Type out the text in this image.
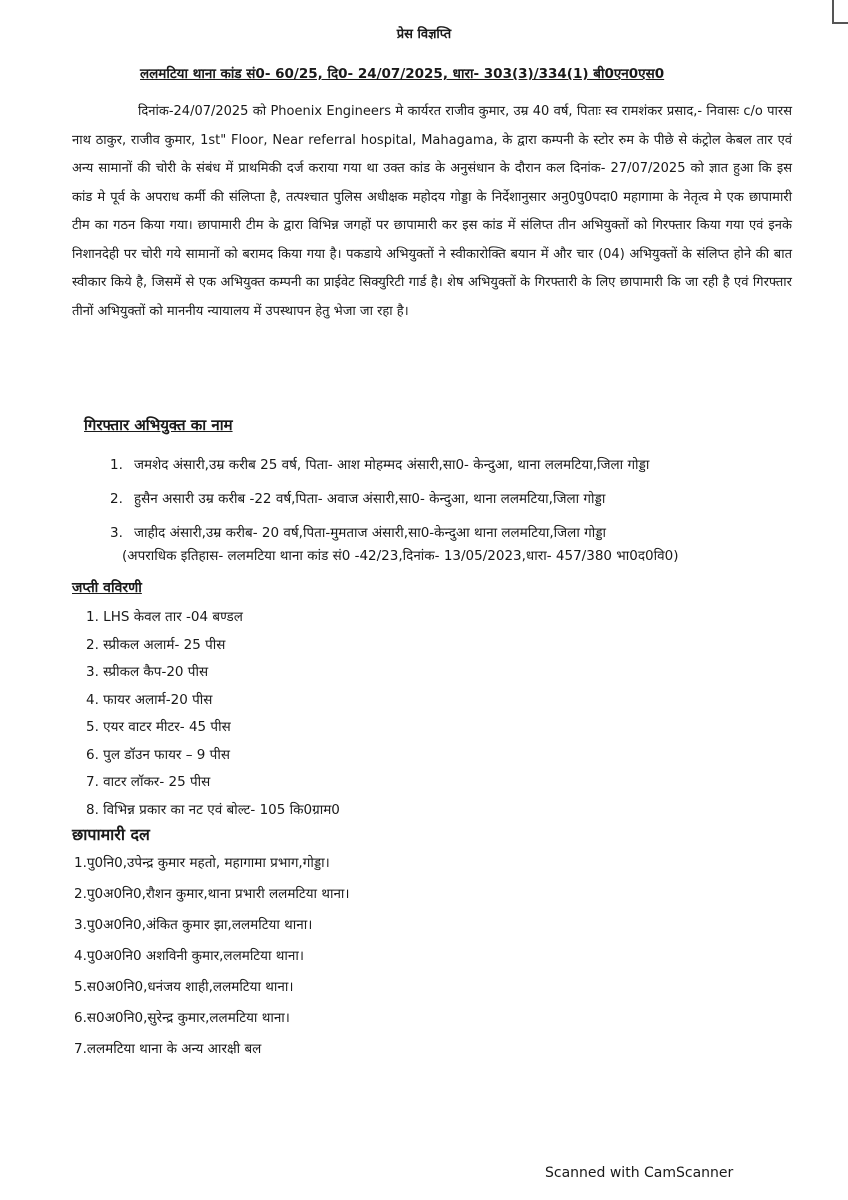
प्रेस विज्ञप्ति
ललमटिया थाना कांड सं0- 60/25, दि0- 24/07/2025, धारा- 303(3)/334(1) बी0एन0एस0
दिनांक-24/07/2025 को Phoenix Engineers मे कार्यरत राजीव कुमार, उम्र 40 वर्ष, पिताः स्व रामशंकर प्रसाद,- निवासः c/o पारस नाथ ठाकुर, राजीव कुमार, 1st" Floor, Near referral hospital, Mahagama, के द्वारा कम्पनी के स्टोर रुम के पीछे से कंट्रोल केबल तार एवं अन्य सामानों की चोरी के संबंध में प्राथमिकी दर्ज कराया गया था उक्त कांड के अनुसंधान के दौरान कल दिनांक- 27/07/2025 को ज्ञात हुआ कि इस कांड मे पूर्व के अपराध कर्मी की संलिप्ता है, तत्पश्चात पुलिस अधीक्षक महोदय गोड्डा के निर्देशानुसार अनु0पु0पदा0 महागामा के नेतृत्व मे एक छापामारी टीम का गठन किया गया। छापामारी टीम के द्वारा विभिन्न जगहों पर छापामारी कर इस कांड में संलिप्त तीन अभियुक्तों को गिरफ्तार किया गया एवं इनके निशानदेही पर चोरी गये सामानों को बरामद किया गया है। पकडाये अभियुक्तों ने स्वीकारोक्ति बयान में और चार (04) अभियुक्तों के संलिप्त होने की बात स्वीकार किये है, जिसमें से एक अभियुक्त कम्पनी का प्राईवेट सिक्युरिटी गार्ड है। शेष अभियुक्तों के गिरफ्तारी के लिए छापामारी कि जा रही है एवं गिरफ्तार तीनों अभियुक्तों को माननीय न्यायालय में उपस्थापन हेतु भेजा जा रहा है।
गिरफ्तार अभियुक्त का नाम
1. जमशेद अंसारी,उम्र करीब 25 वर्ष, पिता- आश मोहम्मद अंसारी,सा0- केन्दुआ, थाना ललमटिया,जिला गोड्डा
2. हुसैन असारी उम्र करीब -22 वर्ष,पिता- अवाज अंसारी,सा0- केन्दुआ, थाना ललमटिया,जिला गोड्डा
3. जाहीद अंसारी,उम्र करीब- 20 वर्ष,पिता-मुमताज अंसारी,सा0-केन्दुआ थाना ललमटिया,जिला गोड्डा
(अपराधिक इतिहास- ललमटिया थाना कांड सं0 -42/23,दिनांक- 13/05/2023,धारा- 457/380 भा0द0वि0)
जप्ती वविरणी
1. LHS केवल तार -04 बण्डल
2. स्प्रीकल अलार्म- 25 पीस
3. स्प्रीकल कैप-20 पीस
4. फायर अलार्म-20 पीस
5. एयर वाटर मीटर- 45 पीस
6. पुल डॉउन फायर – 9 पीस
7. वाटर लॉकर- 25 पीस
8. विभिन्न प्रकार का नट एवं बोल्ट- 105 कि0ग्राम0
छापामारी दल
1.पु0नि0,उपेन्द्र कुमार महतो, महागामा प्रभाग,गोड्डा।
2.पु0अ0नि0,रौशन कुमार,थाना प्रभारी ललमटिया थाना।
3.पु0अ0नि0,अंकित कुमार झा,ललमटिया थाना।
4.पु0अ0नि0 अशविनी कुमार,ललमटिया थाना।
5.स0अ0नि0,धनंजय शाही,ललमटिया थाना।
6.स0अ0नि0,सुरेन्द्र कुमार,ललमटिया थाना।
7.ललमटिया थाना के अन्य आरक्षी बल
Scanned with CamScanner
